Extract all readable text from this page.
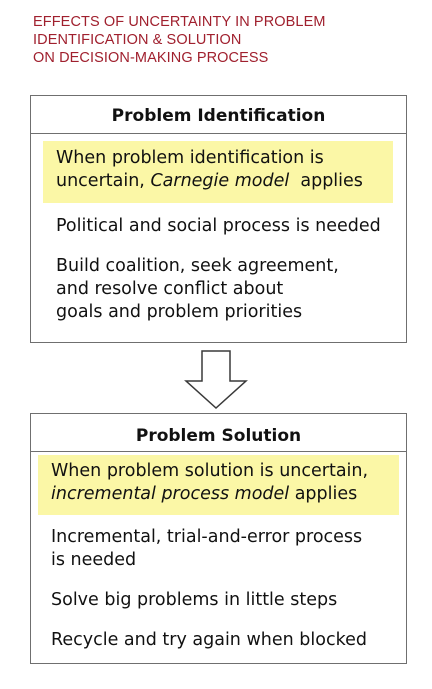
EFFECTS OF UNCERTAINTY IN PROBLEM
IDENTIFICATION & SOLUTION
ON DECISION-MAKING PROCESS
Problem Identification
When problem identification is
uncertain, Carnegie model  applies
Political and social process is needed
Build coalition, seek agreement,
and resolve conflict about
goals and problem priorities
Problem Solution
When problem solution is uncertain,
incremental process model applies
Incremental, trial-and-error process
is needed
Solve big problems in little steps
Recycle and try again when blocked
